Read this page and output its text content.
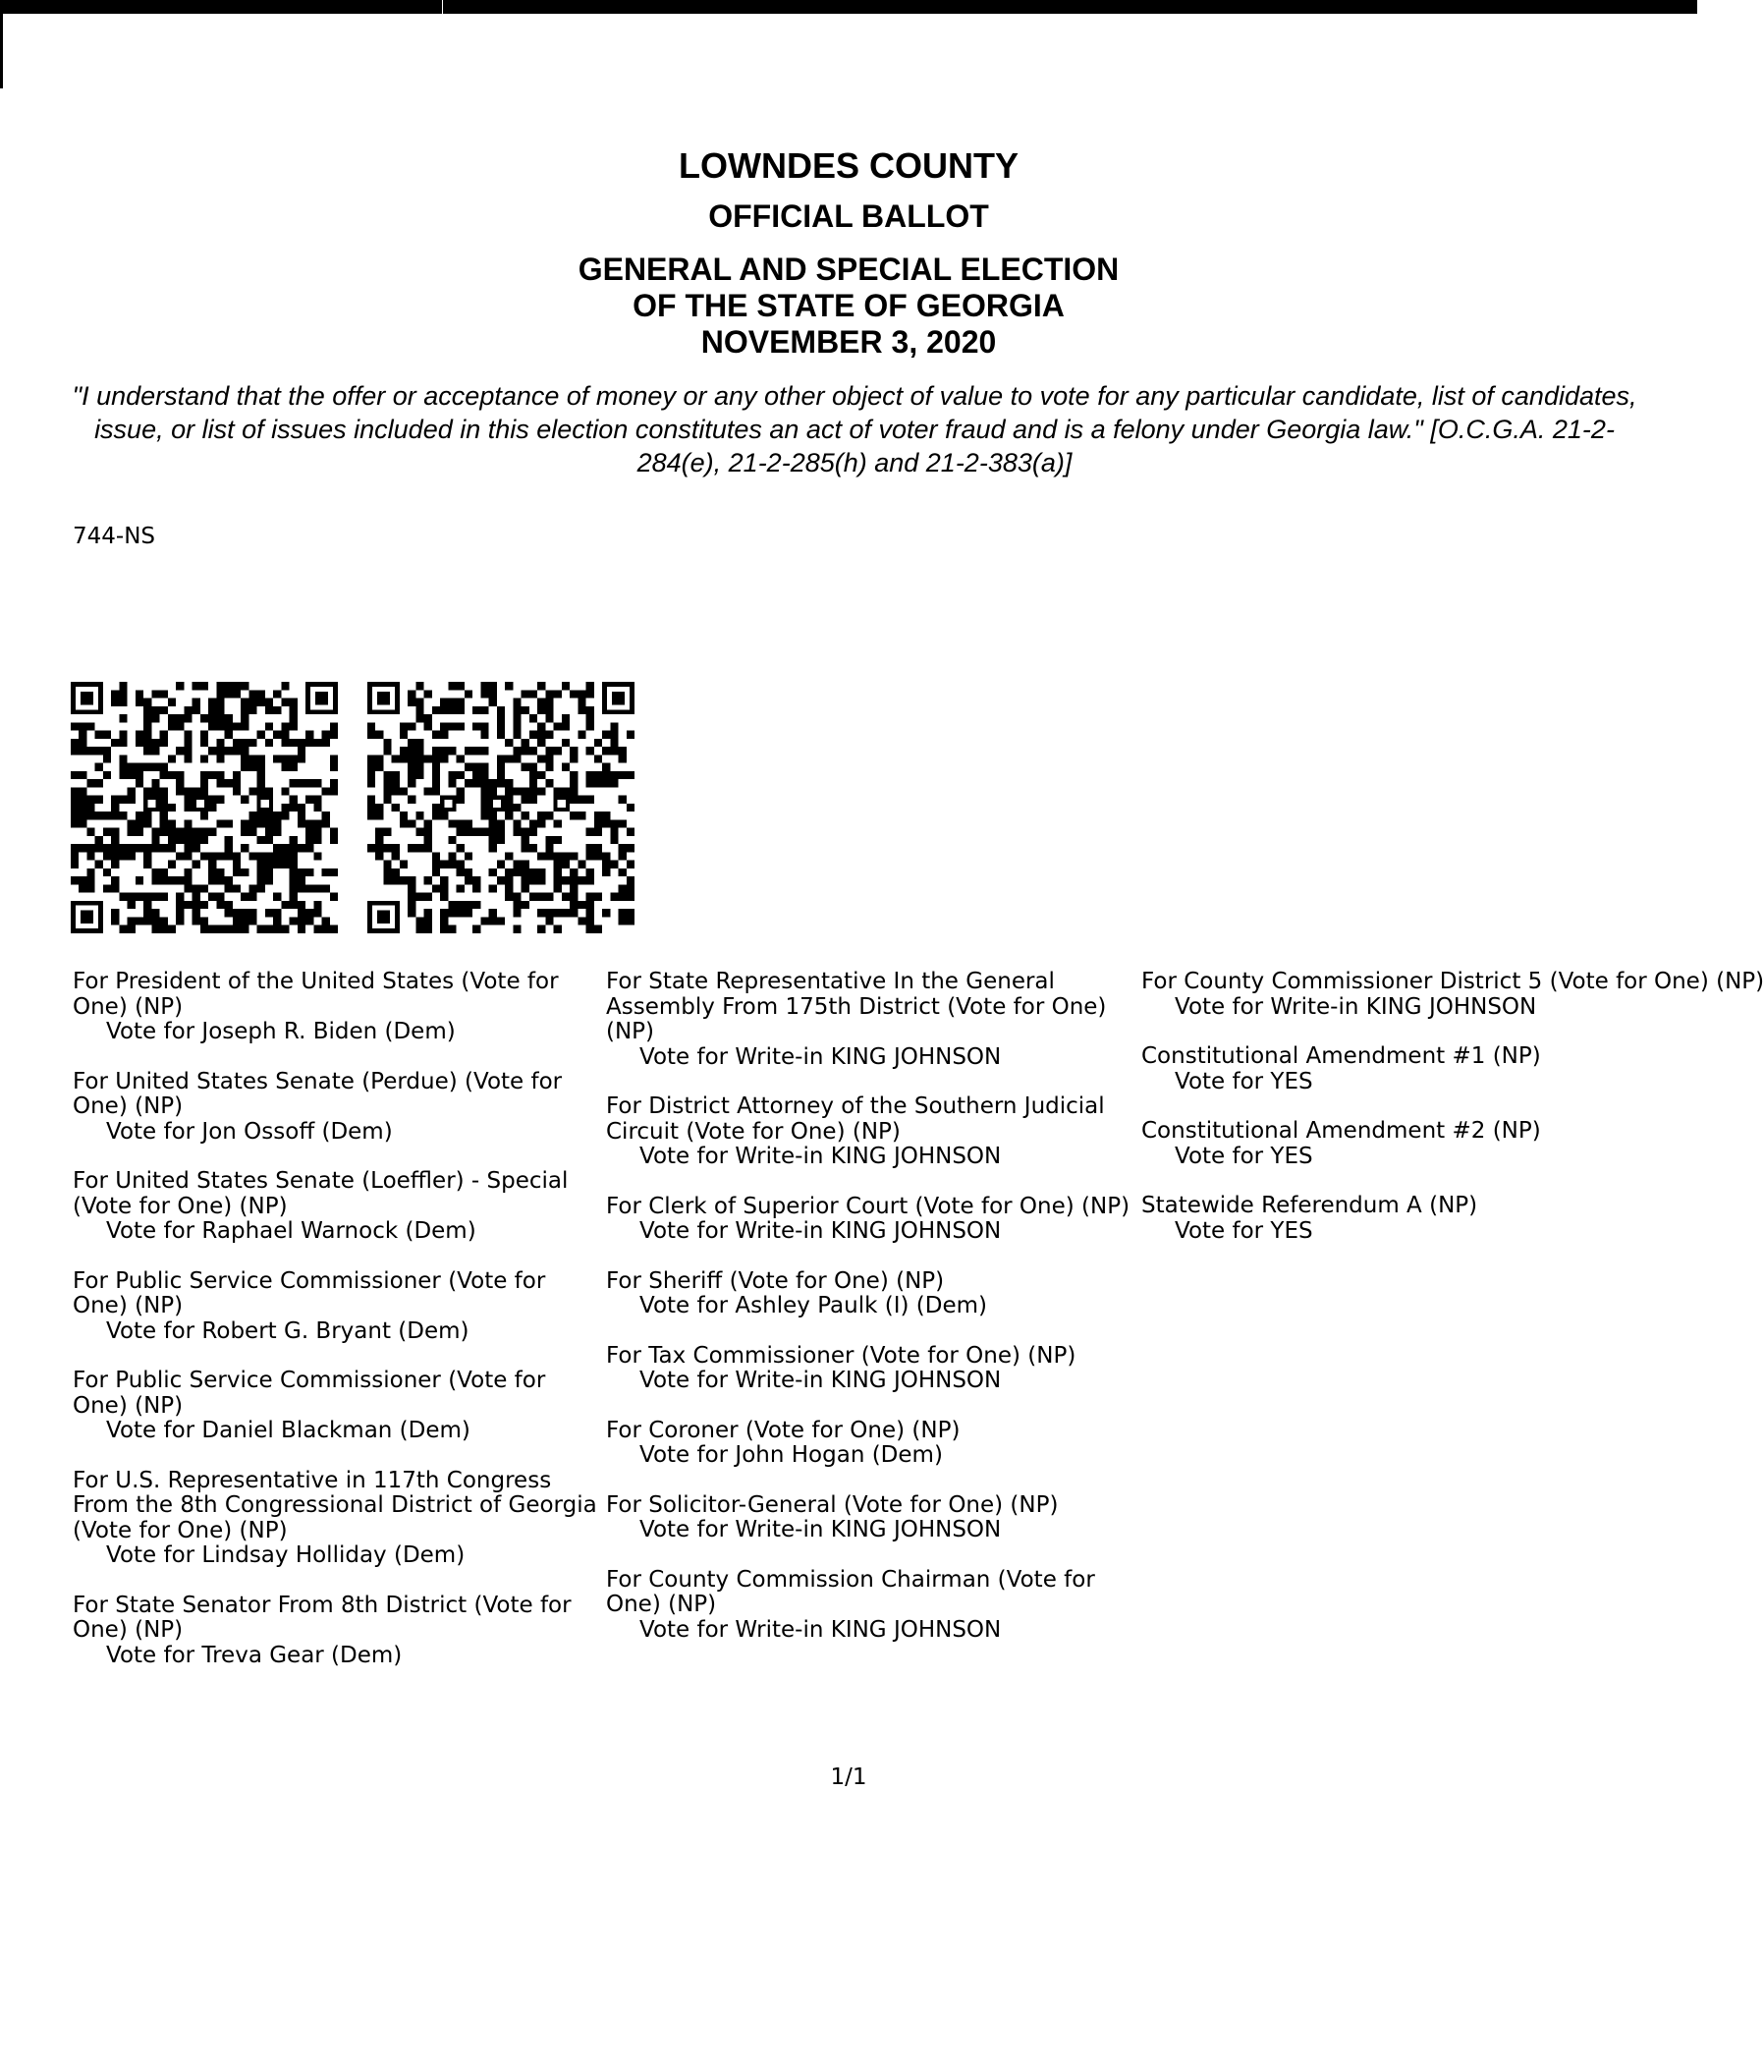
LOWNDES COUNTY
OFFICIAL BALLOT
GENERAL AND SPECIAL ELECTION
OF THE STATE OF GEORGIA
NOVEMBER 3, 2020
"I understand that the offer or acceptance of money or any other object of value to vote for any particular candidate, list of candidates, issue, or list of issues included in this election constitutes an act of voter fraud and is a felony under Georgia law." [O.C.G.A. 21-2-284(e), 21-2-285(h) and 21-2-383(a)]
744-NS
For President of the United States (Vote for One) (NP)
Vote for Joseph R. Biden (Dem)
For United States Senate (Perdue) (Vote for One) (NP)
Vote for Jon Ossoff (Dem)
For United States Senate (Loeffler) - Special (Vote for One) (NP)
Vote for Raphael Warnock (Dem)
For Public Service Commissioner (Vote for One) (NP)
Vote for Robert G. Bryant (Dem)
For Public Service Commissioner (Vote for One) (NP)
Vote for Daniel Blackman (Dem)
For U.S. Representative in 117th Congress From the 8th Congressional District of Georgia (Vote for One) (NP)
Vote for Lindsay Holliday (Dem)
For State Senator From 8th District (Vote for One) (NP)
Vote for Treva Gear (Dem)
For State Representative In the General Assembly From 175th District (Vote for One) (NP)
Vote for Write-in KING JOHNSON
For District Attorney of the Southern Judicial Circuit (Vote for One) (NP)
Vote for Write-in KING JOHNSON
For Clerk of Superior Court (Vote for One) (NP)
Vote for Write-in KING JOHNSON
For Sheriff (Vote for One) (NP)
Vote for Ashley Paulk (I) (Dem)
For Tax Commissioner (Vote for One) (NP)
Vote for Write-in KING JOHNSON
For Coroner (Vote for One) (NP)
Vote for John Hogan (Dem)
For Solicitor-General (Vote for One) (NP)
Vote for Write-in KING JOHNSON
For County Commission Chairman (Vote for One) (NP)
Vote for Write-in KING JOHNSON
For County Commissioner District 5 (Vote for One) (NP)
Vote for Write-in KING JOHNSON
Constitutional Amendment #1 (NP)
Vote for YES
Constitutional Amendment #2 (NP)
Vote for YES
Statewide Referendum A (NP)
Vote for YES
1/1
